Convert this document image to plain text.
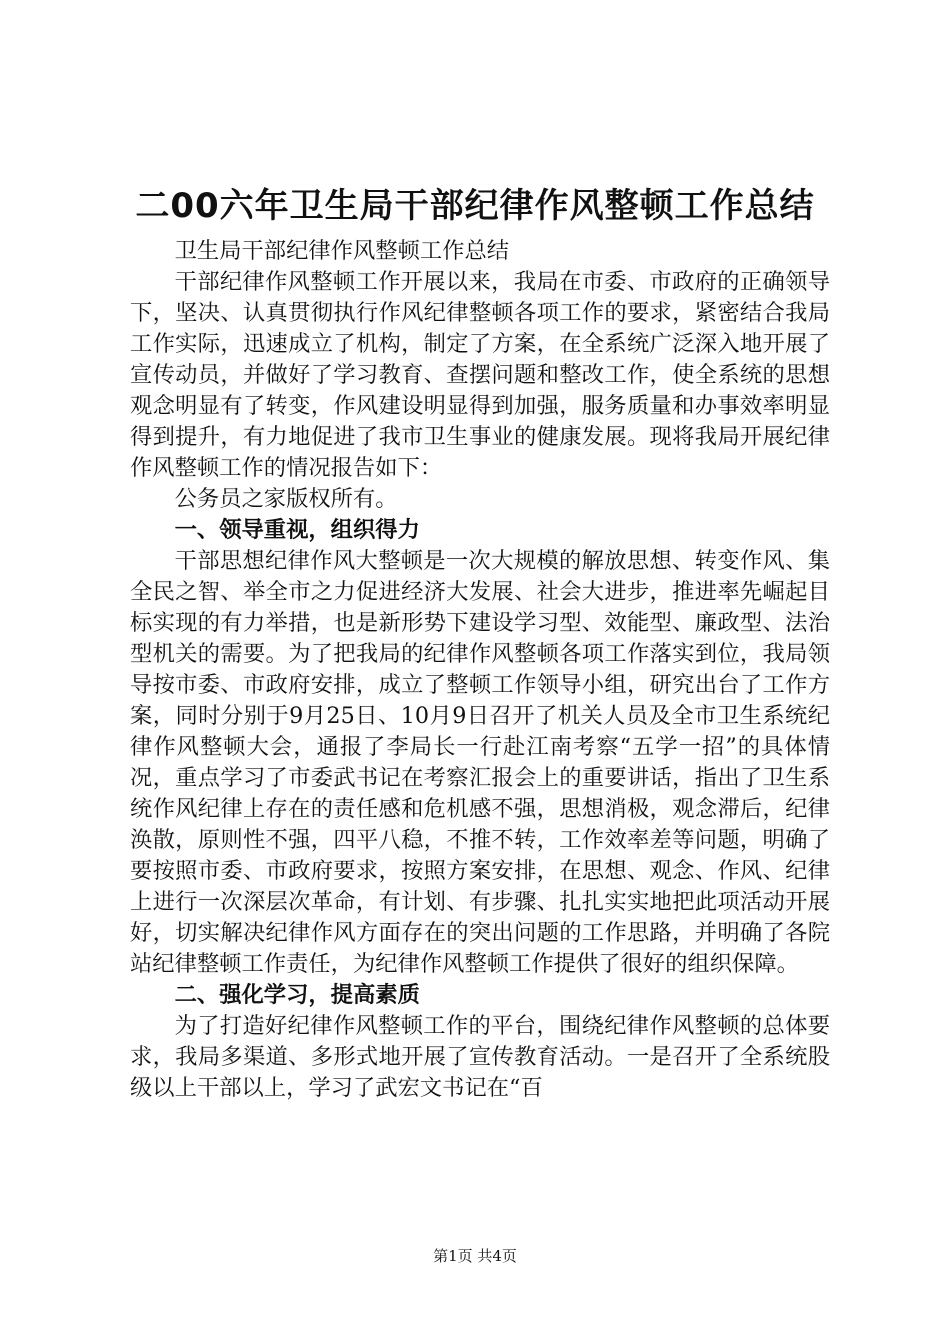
二00六年卫生局干部纪律作风整顿工作总结

卫生局干部纪律作风整顿工作总结

干部纪律作风整顿工作开展以来，我局在市委、市政府的正确领导下，坚决、认真贯彻执行作风纪律整顿各项工作的要求，紧密结合我局工作实际，迅速成立了机构，制定了方案，在全系统广泛深入地开展了宣传动员，并做好了学习教育、查摆问题和整改工作，使全系统的思想观念明显有了转变，作风建设明显得到加强，服务质量和办事效率明显得到提升，有力地促进了我市卫生事业的健康发展。现将我局开展纪律作风整顿工作的情况报告如下：

公务员之家版权所有。

一、领导重视，组织得力

干部思想纪律作风大整顿是一次大规模的解放思想、转变作风、集全民之智、举全市之力促进经济大发展、社会大进步，推进率先崛起目标实现的有力举措，也是新形势下建设学习型、效能型、廉政型、法治型机关的需要。为了把我局的纪律作风整顿各项工作落实到位，我局领导按市委、市政府安排，成立了整顿工作领导小组，研究出台了工作方案，同时分别于9月25日、10月9日召开了机关人员及全市卫生系统纪律作风整顿大会，通报了李局长一行赴江南考察“五学一招”的具体情况，重点学习了市委武书记在考察汇报会上的重要讲话，指出了卫生系统作风纪律上存在的责任感和危机感不强，思想消极，观念滞后，纪律涣散，原则性不强，四平八稳，不推不转，工作效率差等问题，明确了要按照市委、市政府要求，按照方案安排，在思想、观念、作风、纪律上进行一次深层次革命，有计划、有步骤、扎扎实实地把此项活动开展好，切实解决纪律作风方面存在的突出问题的工作思路，并明确了各院站纪律整顿工作责任，为纪律作风整顿工作提供了很好的组织保障。

二、强化学习，提高素质

为了打造好纪律作风整顿工作的平台，围绕纪律作风整顿的总体要求，我局多渠道、多形式地开展了宣传教育活动。一是召开了全系统股级以上干部以上，学习了武宏文书记在“百

第1页 共4页
